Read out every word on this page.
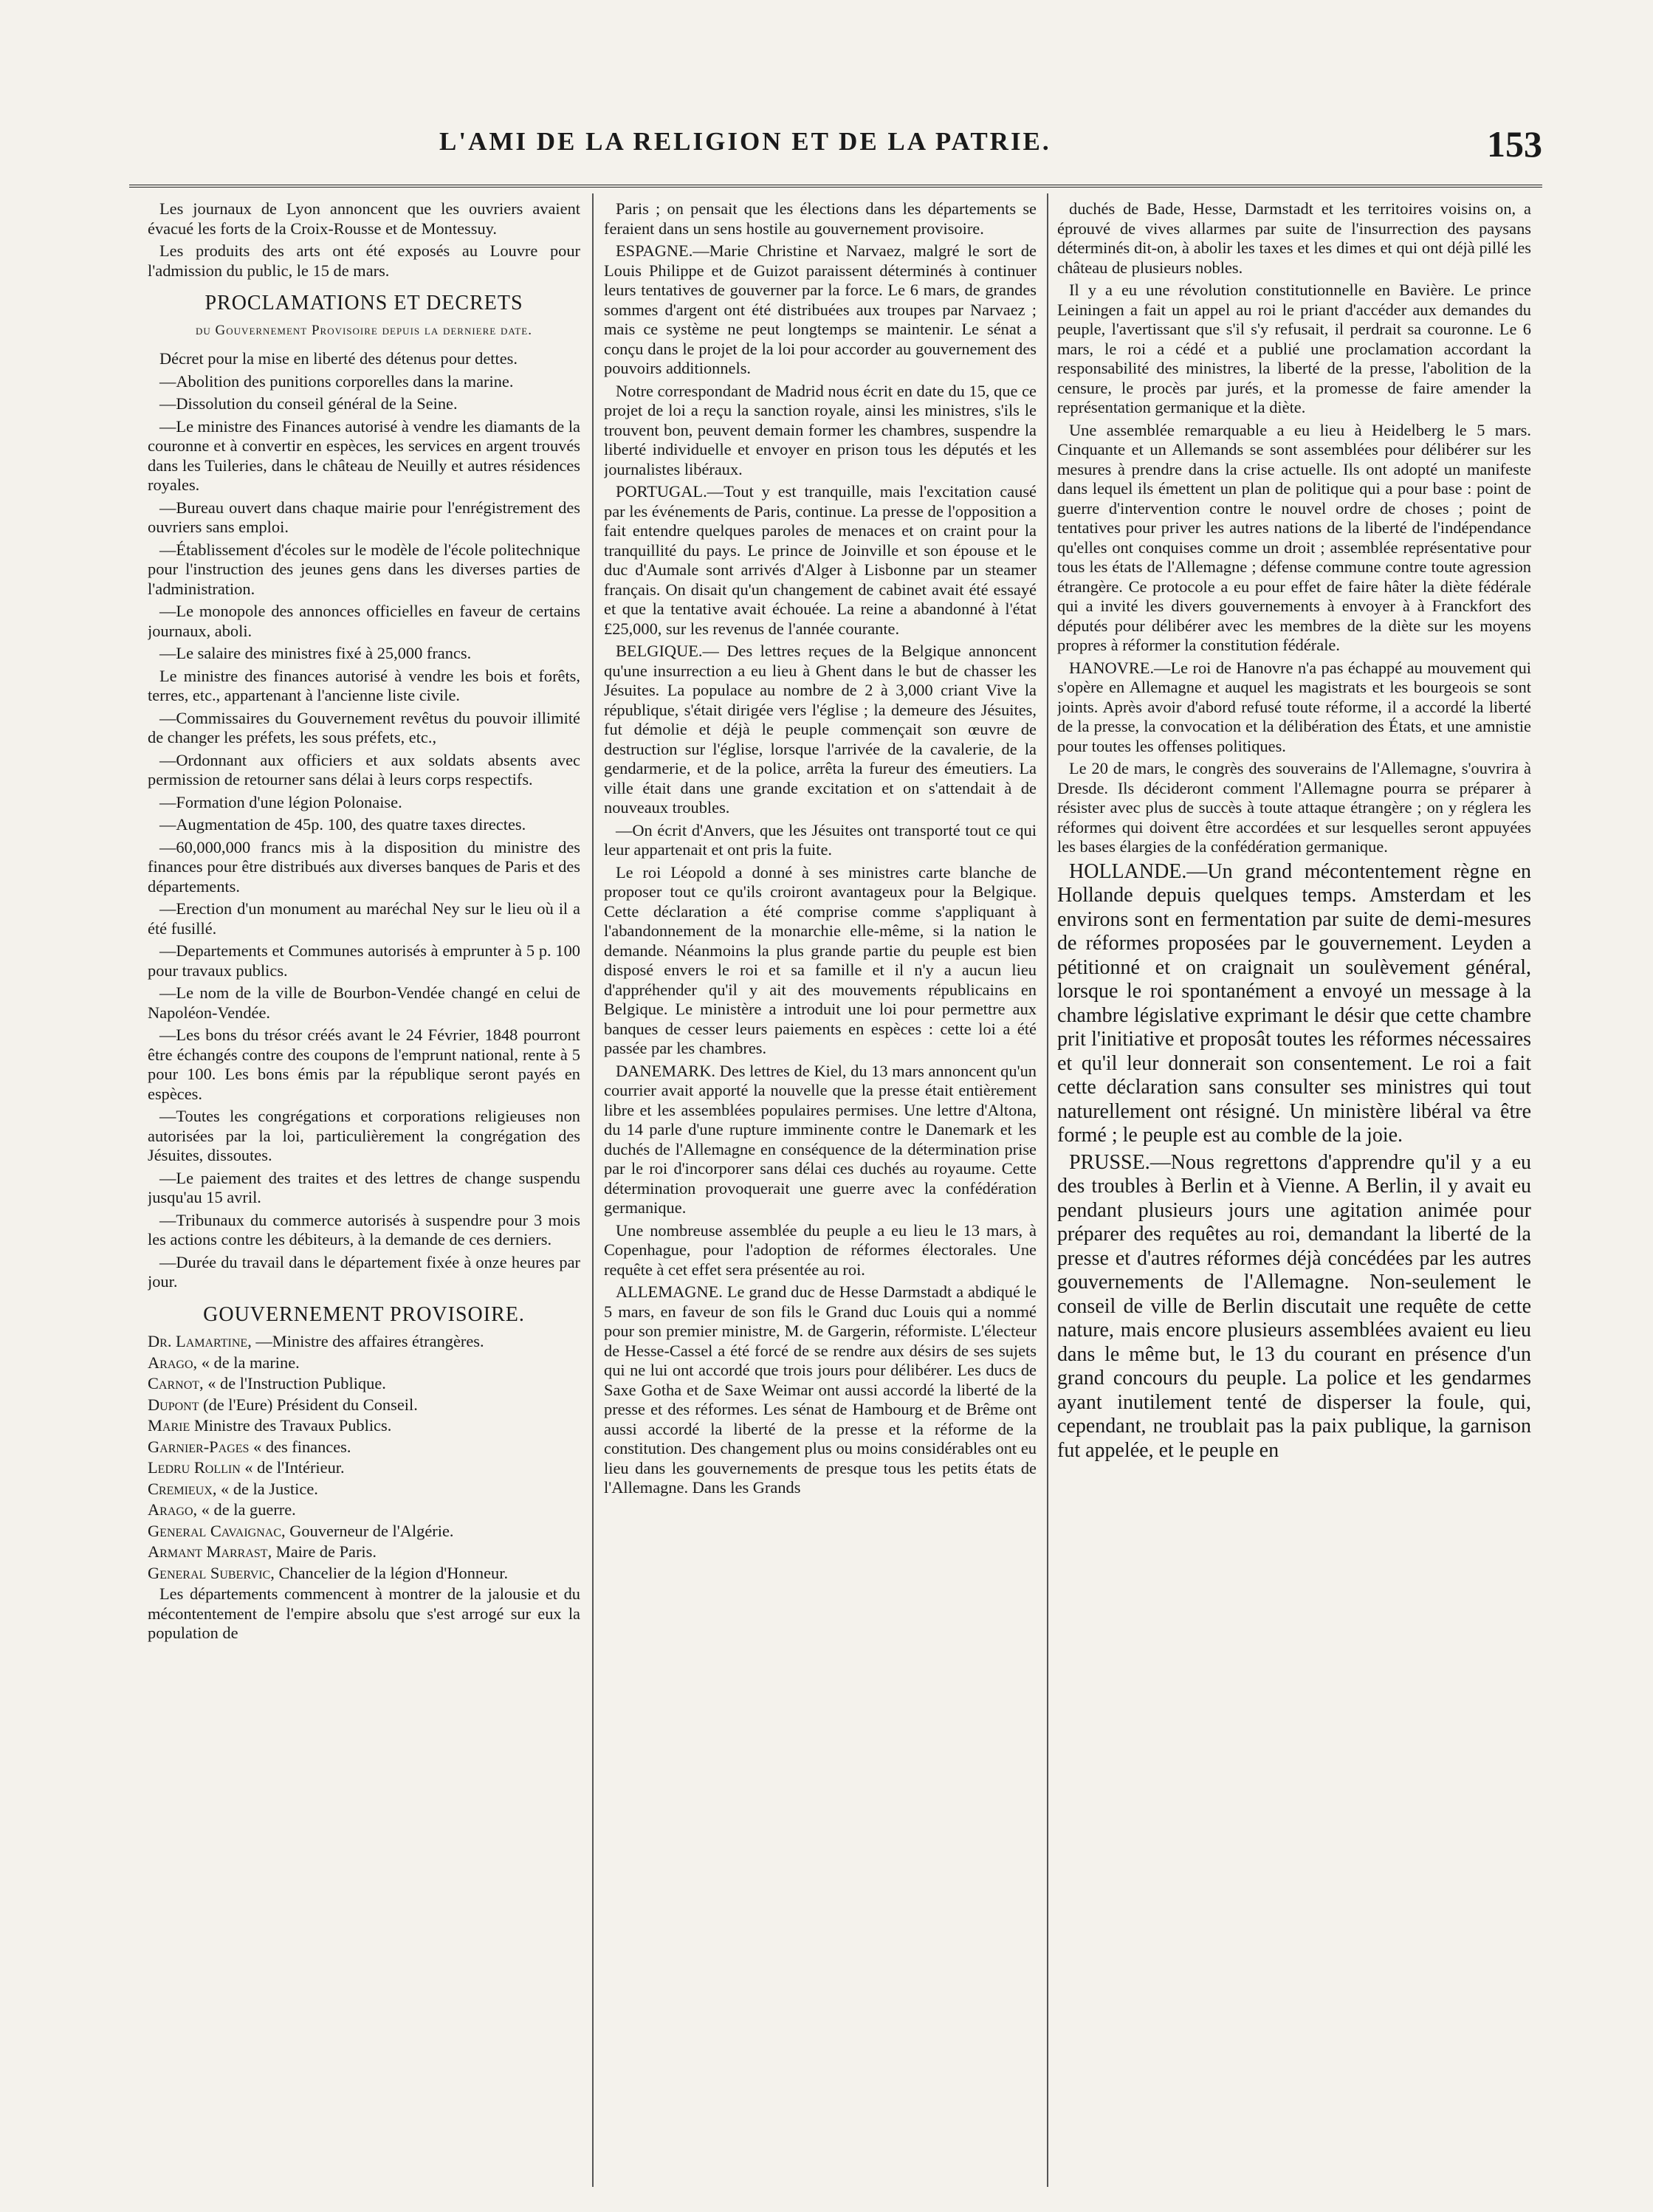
L'AMI DE LA RELIGION ET DE LA PATRIE.	153

Les journaux de Lyon annoncent que les ouvriers avaient évacué les forts de la Croix-Rousse et de Montessuy.

Les produits des arts ont été exposés au Louvre pour l'admission du public, le 15 de mars.

PROCLAMATIONS ET DECRETS
du Gouvernement Provisoire depuis la derniere date.

Décret pour la mise en liberté des détenus pour dettes.

—Abolition des punitions corporelles dans la marine.

—Dissolution du conseil général de la Seine.

—Le ministre des Finances autorisé à vendre les diamants de la couronne et à convertir en espèces, les services en argent trouvés dans les Tuileries, dans le château de Neuilly et autres résidences royales.

—Bureau ouvert dans chaque mairie pour l'enrégistrement des ouvriers sans emploi.

—Établissement d'écoles sur le modèle de l'école politechnique pour l'instruction des jeunes gens dans les diverses parties de l'administration.

—Le monopole des annonces officielles en faveur de certains journaux, aboli.

—Le salaire des ministres fixé à 25,000 francs.

Le ministre des finances autorisé à vendre les bois et forêts, terres, etc., appartenant à l'ancienne liste civile.

—Commissaires du Gouvernement revêtus du pouvoir illimité de changer les préfets, les sous préfets, etc.,

—Ordonnant aux officiers et aux soldats absents avec permission de retourner sans délai à leurs corps respectifs.

—Formation d'une légion Polonaise.

—Augmentation de 45p. 100, des quatre taxes directes.

—60,000,000 francs mis à la disposition du ministre des finances pour être distribués aux diverses banques de Paris et des départements.

—Erection d'un monument au maréchal Ney sur le lieu où il a été fusillé.

—Departements et Communes autorisés à emprunter à 5 p. 100 pour travaux publics.

—Le nom de la ville de Bourbon-Vendée changé en celui de Napoléon-Vendée.

—Les bons du trésor créés avant le 24 Février, 1848 pourront être échangés contre des coupons de l'emprunt national, rente à 5 pour 100. Les bons émis par la république seront payés en espèces.

—Toutes les congrégations et corporations religieuses non autorisées par la loi, particulièrement la congrégation des Jésuites, dissoutes.

—Le paiement des traites et des lettres de change suspendu jusqu'au 15 avril.

—Tribunaux du commerce autorisés à suspendre pour 3 mois les actions contre les débiteurs, à la demande de ces derniers.

—Durée du travail dans le département fixée à onze heures par jour.

GOUVERNEMENT PROVISOIRE.

Dr. Lamartine, —Ministre des affaires étrangères.

Arago, « de la marine.

Carnot, « de l'Instruction Publique.

Dupont (de l'Eure) Président du Conseil.

Marie Ministre des Travaux Publics.

Garnier-Pages « des finances.

Ledru Rollin « de l'Intérieur.

Cremieux, « de la Justice.

Arago, « de la guerre.

General Cavaignac, Gouverneur de l'Algérie.

Armant Marrast, Maire de Paris.

General Subervic, Chancelier de la légion d'Honneur.

Les départements commencent à montrer de la jalousie et du mécontentement de l'empire absolu que s'est arrogé sur eux la population de

Paris ; on pensait que les élections dans les départements se feraient dans un sens hostile au gouvernement provisoire.

ESPAGNE.—Marie Christine et Narvaez, malgré le sort de Louis Philippe et de Guizot paraissent déterminés à continuer leurs tentatives de gouverner par la force. Le 6 mars, de grandes sommes d'argent ont été distribuées aux troupes par Narvaez ; mais ce système ne peut longtemps se maintenir. Le sénat a conçu dans le projet de la loi pour accorder au gouvernement des pouvoirs additionnels.

Notre correspondant de Madrid nous écrit en date du 15, que ce projet de loi a reçu la sanction royale, ainsi les ministres, s'ils le trouvent bon, peuvent demain former les chambres, suspendre la liberté individuelle et envoyer en prison tous les députés et les journalistes libéraux.

PORTUGAL.—Tout y est tranquille, mais l'excitation causé par les événements de Paris, continue. La presse de l'opposition a fait entendre quelques paroles de menaces et on craint pour la tranquillité du pays. Le prince de Joinville et son épouse et le duc d'Aumale sont arrivés d'Alger à Lisbonne par un steamer français. On disait qu'un changement de cabinet avait été essayé et que la tentative avait échouée. La reine a abandonné à l'état £25,000, sur les revenus de l'année courante.

BELGIQUE.— Des lettres reçues de la Belgique annoncent qu'une insurrection a eu lieu à Ghent dans le but de chasser les Jésuites. La populace au nombre de 2 à 3,000 criant Vive la république, s'était dirigée vers l'église ; la demeure des Jésuites, fut démolie et déjà le peuple commençait son œuvre de destruction sur l'église, lorsque l'arrivée de la cavalerie, de la gendarmerie, et de la police, arrêta la fureur des émeutiers. La ville était dans une grande excitation et on s'attendait à de nouveaux troubles.

—On écrit d'Anvers, que les Jésuites ont transporté tout ce qui leur appartenait et ont pris la fuite.

Le roi Léopold a donné à ses ministres carte blanche de proposer tout ce qu'ils croiront avantageux pour la Belgique. Cette déclaration a été comprise comme s'appliquant à l'abandonnement de la monarchie elle-même, si la nation le demande. Néanmoins la plus grande partie du peuple est bien disposé envers le roi et sa famille et il n'y a aucun lieu d'appréhender qu'il y ait des mouvements républicains en Belgique. Le ministère a introduit une loi pour permettre aux banques de cesser leurs paiements en espèces : cette loi a été passée par les chambres.

DANEMARK. Des lettres de Kiel, du 13 mars annoncent qu'un courrier avait apporté la nouvelle que la presse était entièrement libre et les assemblées populaires permises. Une lettre d'Altona, du 14 parle d'une rupture imminente contre le Danemark et les duchés de l'Allemagne en conséquence de la détermination prise par le roi d'incorporer sans délai ces duchés au royaume. Cette détermination provoquerait une guerre avec la confédération germanique.

Une nombreuse assemblée du peuple a eu lieu le 13 mars, à Copenhague, pour l'adoption de réformes électorales. Une requête à cet effet sera présentée au roi.

ALLEMAGNE. Le grand duc de Hesse Darmstadt a abdiqué le 5 mars, en faveur de son fils le Grand duc Louis qui a nommé pour son premier ministre, M. de Gargerin, réformiste. L'électeur de Hesse-Cassel a été forcé de se rendre aux désirs de ses sujets qui ne lui ont accordé que trois jours pour délibérer. Les ducs de Saxe Gotha et de Saxe Weimar ont aussi accordé la liberté de la presse et des réformes. Les sénat de Hambourg et de Brême ont aussi accordé la liberté de la presse et la réforme de la constitution. Des changement plus ou moins considérables ont eu lieu dans les gouvernements de presque tous les petits états de l'Allemagne. Dans les Grands

duchés de Bade, Hesse, Darmstadt et les territoires voisins on, a éprouvé de vives allarmes par suite de l'insurrection des paysans déterminés dit-on, à abolir les taxes et les dimes et qui ont déjà pillé les château de plusieurs nobles.

Il y a eu une révolution constitutionnelle en Bavière. Le prince Leiningen a fait un appel au roi le priant d'accéder aux demandes du peuple, l'avertissant que s'il s'y refusait, il perdrait sa couronne. Le 6 mars, le roi a cédé et a publié une proclamation accordant la responsabilité des ministres, la liberté de la presse, l'abolition de la censure, le procès par jurés, et la promesse de faire amender la représentation germanique et la diète.

Une assemblée remarquable a eu lieu à Heidelberg le 5 mars. Cinquante et un Allemands se sont assemblées pour délibérer sur les mesures à prendre dans la crise actuelle. Ils ont adopté un manifeste dans lequel ils émettent un plan de politique qui a pour base : point de guerre d'intervention contre le nouvel ordre de choses ; point de tentatives pour priver les autres nations de la liberté de l'indépendance qu'elles ont conquises comme un droit ; assemblée représentative pour tous les états de l'Allemagne ; défense commune contre toute agression étrangère. Ce protocole a eu pour effet de faire hâter la diète fédérale qui a invité les divers gouvernements à envoyer à à Franckfort des députés pour délibérer avec les membres de la diète sur les moyens propres à réformer la constitution fédérale.

HANOVRE.—Le roi de Hanovre n'a pas échappé au mouvement qui s'opère en Allemagne et auquel les magistrats et les bourgeois se sont joints. Après avoir d'abord refusé toute réforme, il a accordé la liberté de la presse, la convocation et la délibération des États, et une amnistie pour toutes les offenses politiques.

Le 20 de mars, le congrès des souverains de l'Allemagne, s'ouvrira à Dresde. Ils décideront comment l'Allemagne pourra se préparer à résister avec plus de succès à toute attaque étrangère ; on y réglera les réformes qui doivent être accordées et sur lesquelles seront appuyées les bases élargies de la confédération germanique.

HOLLANDE.—Un grand mécontentement règne en Hollande depuis quelques temps. Amsterdam et les environs sont en fermentation par suite de demi-mesures de réformes proposées par le gouvernement. Leyden a pétitionné et on craignait un soulèvement général, lorsque le roi spontanément a envoyé un message à la chambre législative exprimant le désir que cette chambre prit l'initiative et proposât toutes les réformes nécessaires et qu'il leur donnerait son consentement. Le roi a fait cette déclaration sans consulter ses ministres qui tout naturellement ont résigné. Un ministère libéral va être formé ; le peuple est au comble de la joie.

PRUSSE.—Nous regrettons d'apprendre qu'il y a eu des troubles à Berlin et à Vienne. A Berlin, il y avait eu pendant plusieurs jours une agitation animée pour préparer des requêtes au roi, demandant la liberté de la presse et d'autres réformes déjà concédées par les autres gouvernements de l'Allemagne. Non-seulement le conseil de ville de Berlin discutait une requête de cette nature, mais encore plusieurs assemblées avaient eu lieu dans le même but, le 13 du courant en présence d'un grand concours du peuple. La police et les gendarmes ayant inutilement tenté de disperser la foule, qui, cependant, ne troublait pas la paix publique, la garnison fut appelée, et le peuple en
